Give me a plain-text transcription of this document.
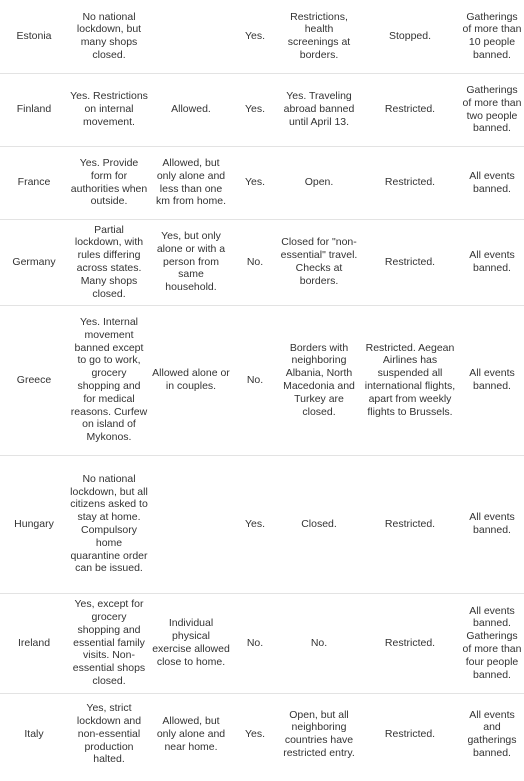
Estonia	No national lockdown, but many shops closed.		Yes.	Restrictions, health screenings at borders.	Stopped.	Gatherings of more than 10 people banned.
Finland	Yes. Restrictions on internal movement.	Allowed.	Yes.	Yes. Traveling abroad banned until April 13.	Restricted.	Gatherings of more than two people banned.
France	Yes. Provide form for authorities when outside.	Allowed, but only alone and less than one km from home.	Yes.	Open.	Restricted.	All events banned.
Germany	Partial lockdown, with rules differing across states. Many shops closed.	Yes, but only alone or with a person from same household.	No.	Closed for "non-essential" travel. Checks at borders.	Restricted.	All events banned.
Greece	Yes. Internal movement banned except to go to work, grocery shopping and for medical reasons. Curfew on island of Mykonos.	Allowed alone or in couples.	No.	Borders with neighboring Albania, North Macedonia and Turkey are closed.	Restricted. Aegean Airlines has suspended all international flights, apart from weekly flights to Brussels.	All events banned.
Hungary	No national lockdown, but all citizens asked to stay at home. Compulsory home quarantine order can be issued.		Yes.	Closed.	Restricted.	All events banned.
Ireland	Yes, except for grocery shopping and essential family visits. Non-essential shops closed.	Individual physical exercise allowed close to home.	No.	No.	Restricted.	All events banned. Gatherings of more than four people banned.
Italy	Yes, strict lockdown and non-essential production halted.	Allowed, but only alone and near home.	Yes.	Open, but all neighboring countries have restricted entry.	Restricted.	All events and gatherings banned.
